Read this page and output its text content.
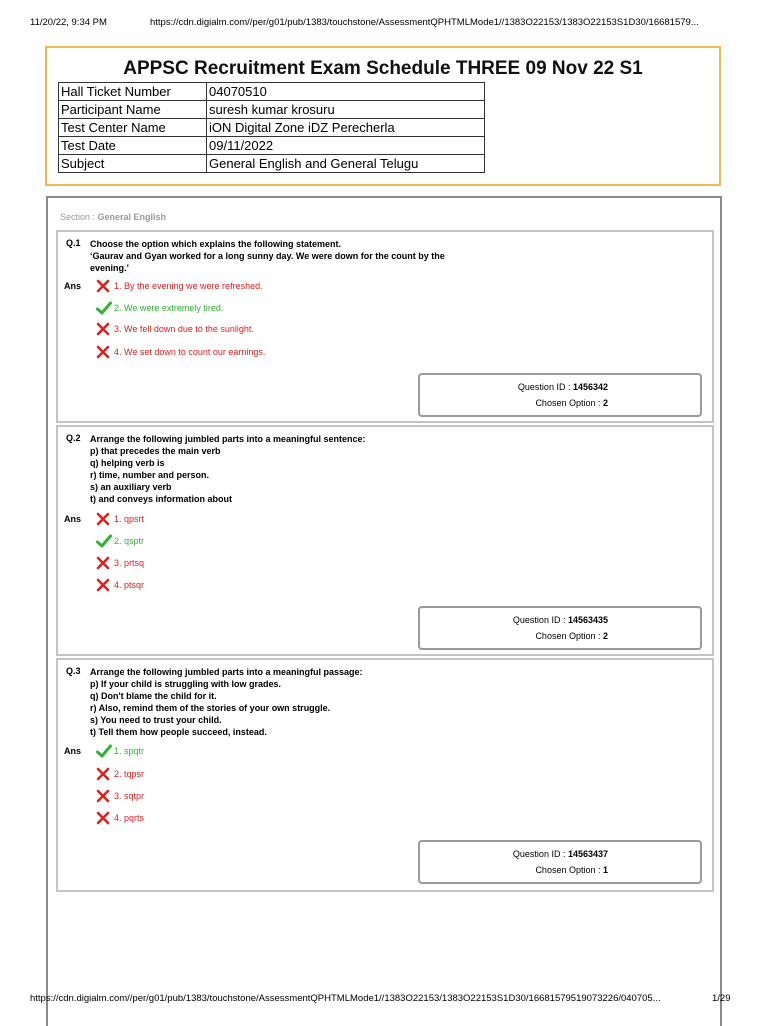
11/20/22, 9:34 PM	https://cdn.digialm.com//per/g01/pub/1383/touchstone/AssessmentQPHTMLMode1//1383O22153/1383O22153S1D30/16681579...
APPSC Recruitment Exam Schedule THREE 09 Nov 22 S1
Hall Ticket Number	04070510
Participant Name	suresh kumar krosuru
Test Center Name	iON Digital Zone iDZ Perecherla
Test Date	09/11/2022
Subject	General English and General Telugu
Section : General English
Q.1 Choose the option which explains the following statement.
‘Gaurav and Gyan worked for a long sunny day. We were down for the count by the
evening.’
Ans	1. By the evening we were refreshed.
2. We were extremely tired.
3. We fell down due to the sunlight.
4. We set down to count our earnings.
Question ID : 1456342
Chosen Option : 2
Q.2 Arrange the following jumbled parts into a meaningful sentence:
p) that precedes the main verb
q) helping verb is
r) time, number and person.
s) an auxiliary verb
t) and conveys information about
Ans	1. qpsrt
2. qsptr
3. prtsq
4. ptsqr
Question ID : 14563435
Chosen Option : 2
Q.3 Arrange the following jumbled parts into a meaningful passage:
p) If your child is struggling with low grades.
q) Don't blame the child for it.
r) Also, remind them of the stories of your own struggle.
s) You need to trust your child.
t) Tell them how people succeed, instead.
Ans	1. spqtr
2. tqpsr
3. sqtpr
4. pqrts
Question ID : 14563437
Chosen Option : 1
https://cdn.digialm.com//per/g01/pub/1383/touchstone/AssessmentQPHTMLMode1//1383O22153/1383O22153S1D30/16681579519073226/040705...	1/29
